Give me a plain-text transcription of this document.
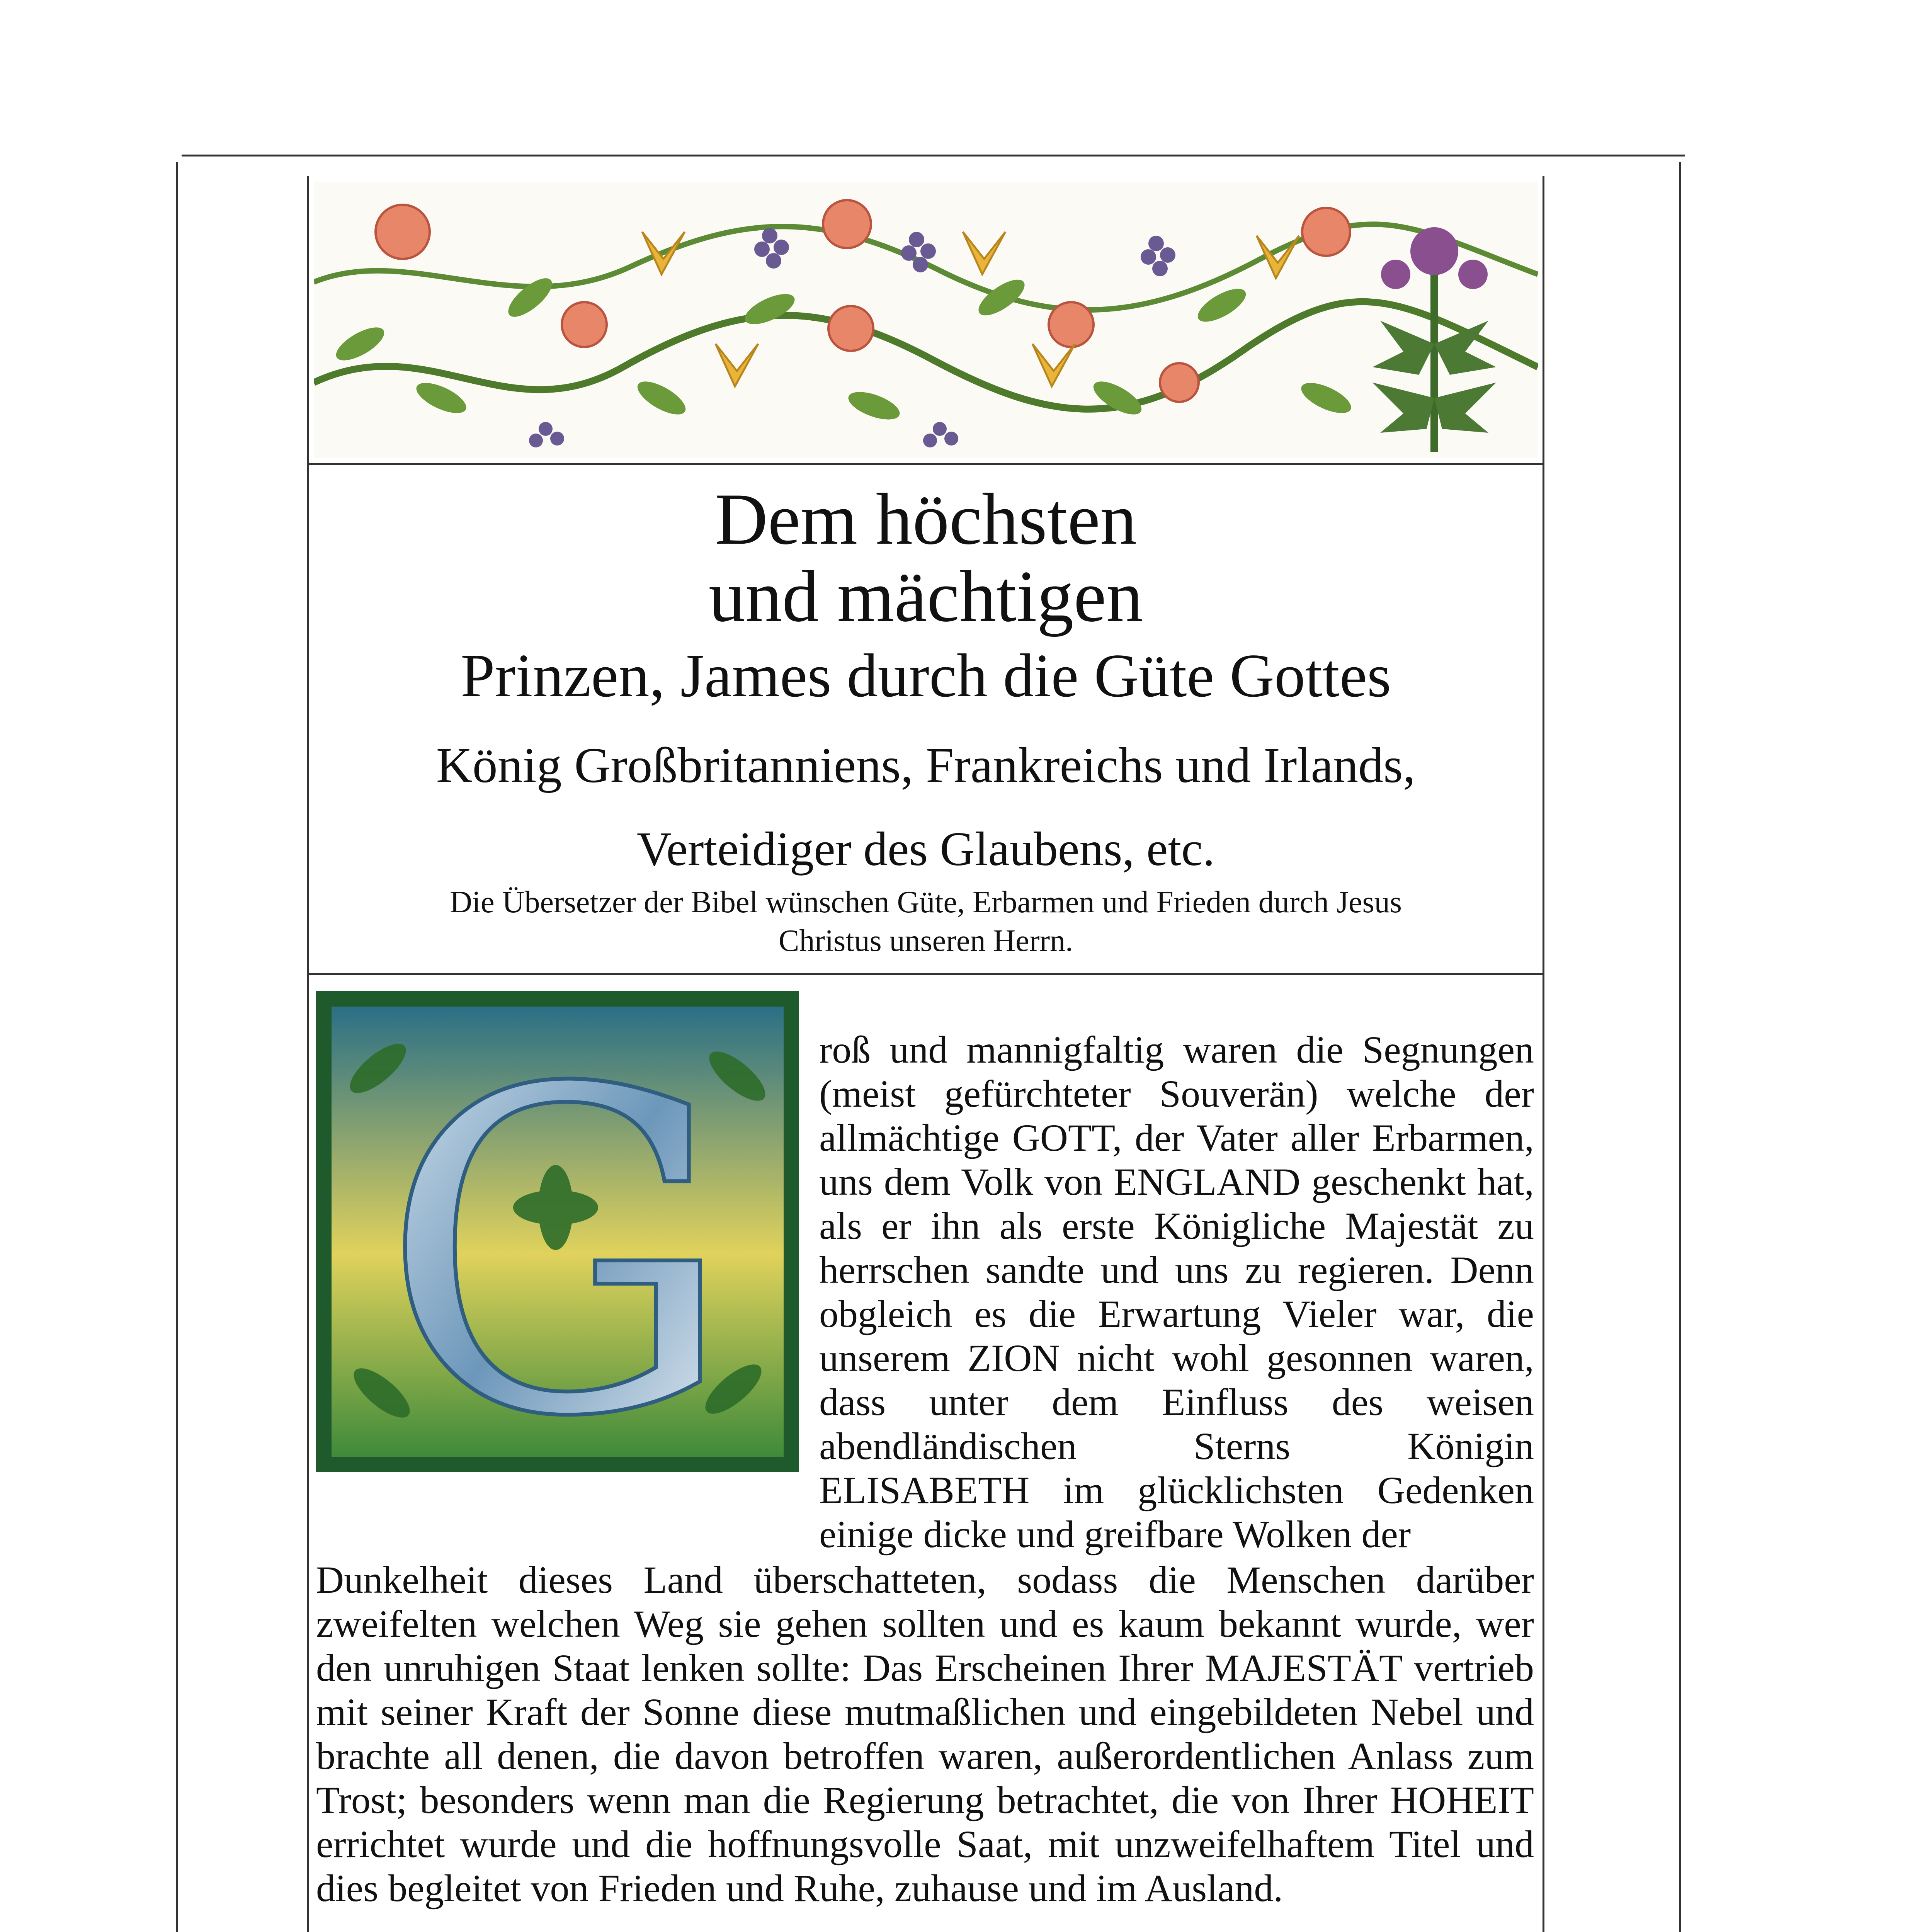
Dem höchsten
und mächtigen
Prinzen, James durch die Güte Gottes
König Großbritanniens, Frankreichs und Irlands,
Verteidiger des Glaubens, etc.

Die Übersetzer der Bibel wünschen Güte, Erbarmen und Frieden durch Jesus Christus unseren Herrn.

G roß und mannigfaltig waren die Segnungen (meist gefürchteter Souverän) welche der allmächtige GOTT, der Vater aller Erbarmen, uns dem Volk von ENGLAND geschenkt hat, als er ihn als erste Königliche Majestät zu herrschen sandte und uns zu regieren. Denn obgleich es die Erwartung Vieler war, die unserem ZION nicht wohl gesonnen waren, dass unter dem Einfluss des weisen abendländischen Sterns Königin ELISABETH im glücklichsten Gedenken einige dicke und greifbare Wolken der

Dunkelheit dieses Land überschatteten, sodass die Menschen darüber zweifelten welchen Weg sie gehen sollten und es kaum bekannt wurde, wer den unruhigen Staat lenken sollte: Das Erscheinen Ihrer MAJESTÄT vertrieb mit seiner Kraft der Sonne diese mutmaßlichen und eingebildeten Nebel und brachte all denen, die davon betroffen waren, außerordentlichen Anlass zum Trost; besonders wenn man die Regierung betrachtet, die von Ihrer HOHEIT errichtet wurde und die hoffnungsvolle Saat, mit unzweifelhaftem Titel und dies begleitet von Frieden und Ruhe, zuhause und im Ausland.
